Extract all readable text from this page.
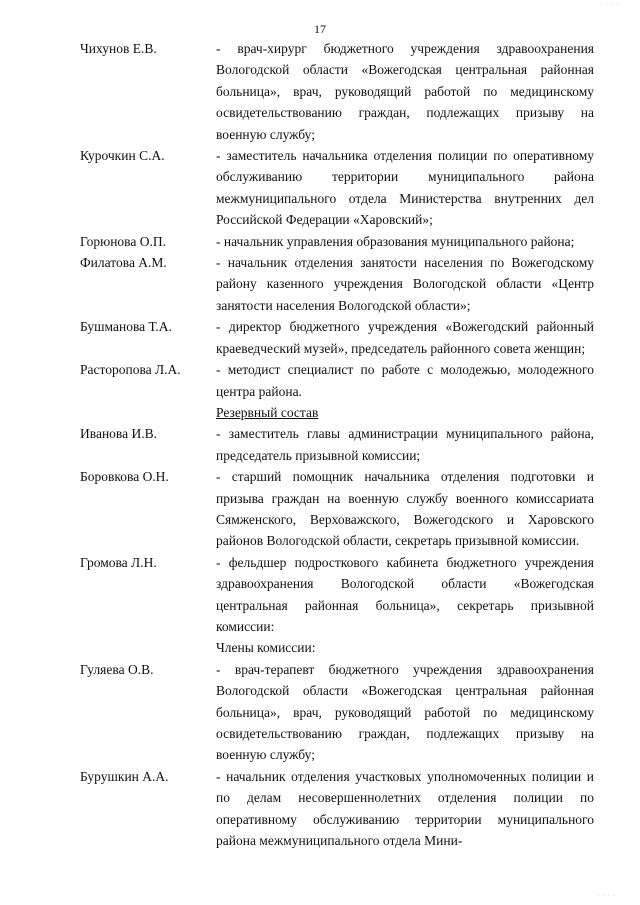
· · · ·
17
Чихунов Е.В.	- врач-хирург бюджетного учреждения здравоохранения Вологодской области «Вожегодская центральная районная больница», врач, руководящий работой по медицинскому освидетельствованию граждан, подлежащих призыву на военную службу;
Курочкин С.А.	- заместитель начальника отделения полиции по оперативному обслуживанию территории муниципального района межмуниципального отдела Министерства внутренних дел Российской Федерации «Харовский»;
Горюнова О.П.	- начальник управления образования муниципального района;
Филатова А.М.	- начальник отделения занятости населения по Вожегодскому району казенного учреждения Вологодской области «Центр занятости населения Вологодской области»;
Бушманова Т.А.	- директор бюджетного учреждения «Вожегодский районный краеведческий музей», председатель районного совета женщин;
Расторопова Л.А.	- методист специалист по работе с молодежью, молодежного центра района.
Резервный состав
Иванова И.В.	- заместитель главы администрации муниципального района, председатель призывной комиссии;
Боровкова О.Н.	- старший помощник начальника отделения подготовки и призыва граждан на военную службу военного комиссариата Сямженского, Верховажского, Вожегодского и Харовского районов Вологодской области, секретарь призывной комиссии.
Громова Л.Н.	- фельдшер подросткового кабинета бюджетного учреждения здравоохранения Вологодской области «Вожегодская центральная районная больница», секретарь призывной комиссии:
Члены комиссии:
Гуляева О.В.	- врач-терапевт бюджетного учреждения здравоохранения Вологодской области «Вожегодская центральная районная больница», врач, руководящий работой по медицинскому освидетельствованию граждан, подлежащих призыву на военную службу;
Бурушкин А.А.	- начальник отделения участковых уполномоченных полиции и по делам несовершеннолетних отделения полиции по оперативному обслуживанию территории муниципального района межмуниципального отдела Мини-
· · · ·
